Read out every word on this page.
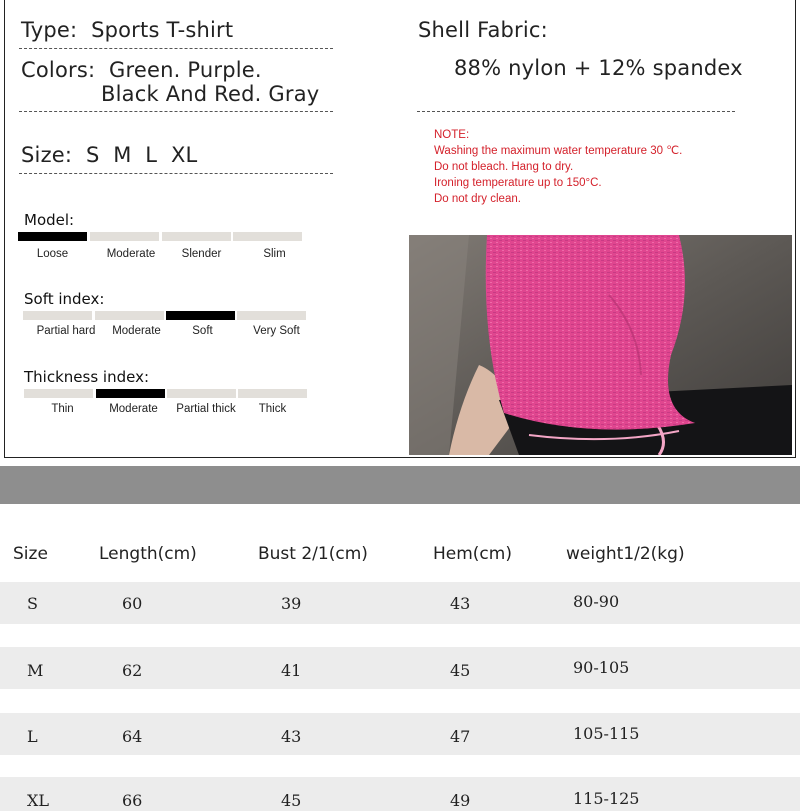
Type: Sports T-shirt
Colors: Green. Purple.
Black And Red. Gray
Size: S  M  L  XL
Shell Fabric:
88% nylon + 12% spandex
NOTE:
Washing the maximum water temperature 30 ℃.
Do not bleach. Hang to dry.
Ironing temperature up to 150°C.
Do not dry clean.
Model:
Loose	Moderate	Slender	Slim
Soft index:
Partial hard	Moderate	Soft	Very Soft
Thickness index:
Thin	Moderate	Partial thick	Thick
Size	Length(cm)	Bust 2/1(cm)	Hem(cm)	weight1/2(kg)
S	60	39	43	80-90
M	62	41	45	90-105
L	64	43	47	105-115
XL	66	45	49	115-125
